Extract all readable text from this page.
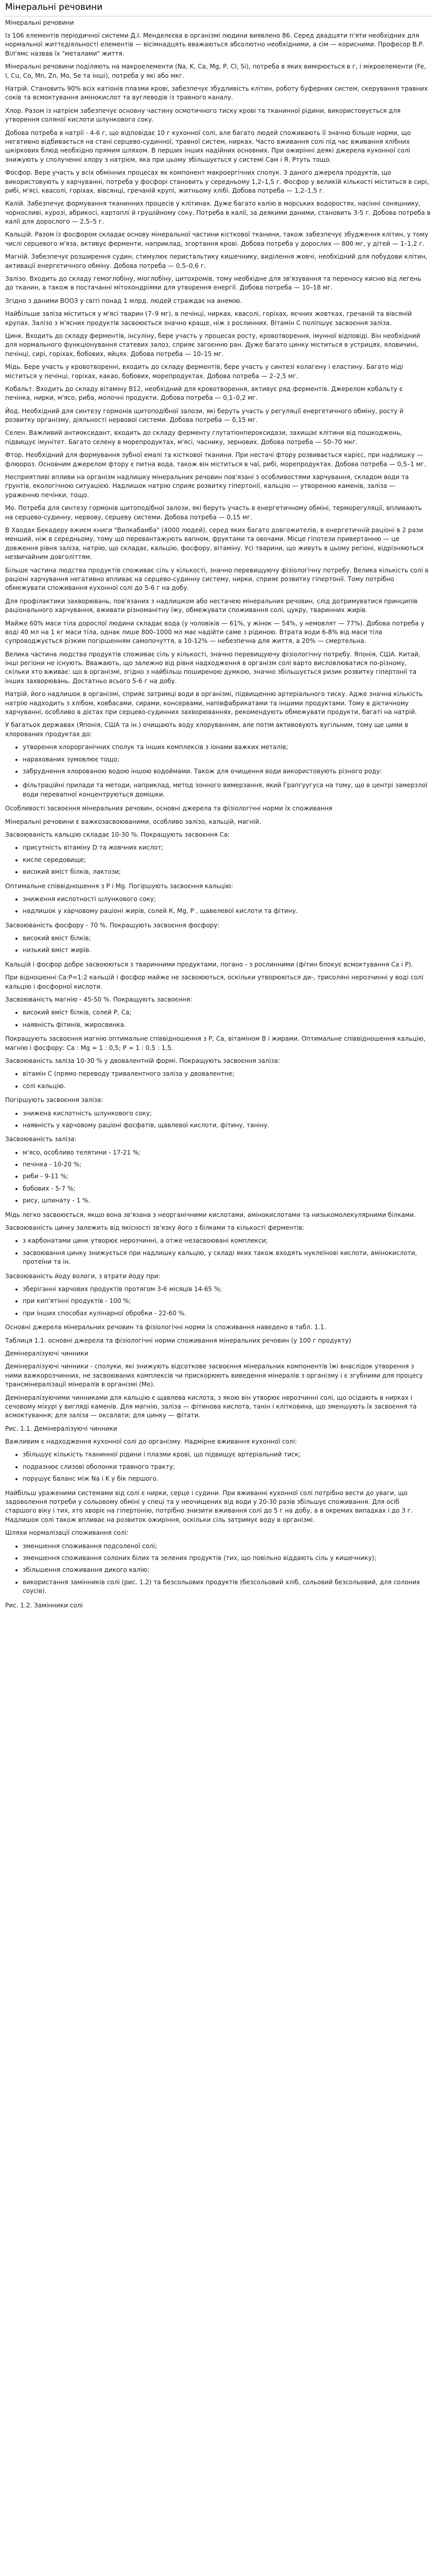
Мінеральні речовини

Мінеральні речовини

Із 106 елементів періодичної системи Д.І. Менделєєва в організмі людини виявлено 86. Серед двадцяти п'яти необхідних для нормальної життєдіяльності елементів — вісімнадцять вважаються абсолютно необхідними, а сім — корисними. Професор В.Р. Віл'ямс назвав їх "металами" життя.

Мінеральні речовини поділяють на макроелементи (Na, K, Ca, Mg, P, Cl, Si), потреба в яких вимірюється в г, і мікроелементи (Fe, I, Cu, Co, Mn, Zn, Mo, Se та інші), потреба у які або мкг.

Натрій. Становить 90% всіх катіонів плазми крові, забезпечує збудливість клітин, роботу буферних систем, скерування травних соків та всмоктування амінокислот та вуглеводів із травного каналу.

Хлор. Разом із натрієм забезпечує основну частину осмотичного тиску крові та тканинної рідини, використовується для утворення соляної кислоти шлункового соку.

Добова потреба в натрії - 4-6 г, що відповідає 10 г кухонної солі, але багато людей споживають її значно більше норми, що негативно відбивається на стані серцево-судинної, травної систем, нирках. Часто вживання солі під час вживання хлібних шкіркових блюд необхідно прямим шляхом. В перших інших надійних основних. При ожирінні деякі джерела кухонної солі знижують у сполученні хлору з натрієм, яка при цьому збільшується у системі Сам і Я. Ртуть тощо.

Фосфор. Вере участь у всіх обмінних процесах як компонент макроергічних сполук. З даного джерела продуктів, що використовують у харчуванні, потреба у фосфорі становить у середньому 1,2–1,5 г. Фосфор у великій кількості міститься в сирі, рибі, м'ясі, квасолі, горіхах, вівсянці, гречаній крупі, житньому хлібі. Добова потреба — 1,2–1,5 г.

Калій. Забезпечує формування тканинних процесів у клітинах. Дуже багато калію в морських водоростях, насінні соняшнику, чорносливі, курозі, абрикосі, картоплі й грушійному соку. Потреба в калії, за деякими даними, становить 3-5 г. Добова потреба в калії для дорослого — 2,5–5 г.

Кальцій. Разом із фосфором складає основу мінеральної частини кісткової тканини, також забезпечує збудження клітин, у тому числі серцевого м'яза, активує ферменти, наприклад, згортання крові. Добова потреба у дорослих — 800 мг, у дітей — 1–1,2 г.

Магній. Забезпечує розширення судин, стимулює перистальтику кишечнику, виділення жовчі, необхідний для побудови клітин, активації енергетичного обміну. Добова потреба — 0,5–0,6 г.

Залізо. Входить до складу гемоглобіну, міоглобіну, цитохромів, тому необхідне для зв'язування та переносу кисню від легень до тканин, а також в постачанні мітохондріями для утворення енергії. Добова потреба — 10–18 мг.

Згідно з даними ВООЗ у світі понад 1 млрд. людей страждає на анемію.

Найбільше заліза міститься у м'ясі тварин (7–9 мг), в печінці, нирках, квасолі, горіхах, яєчних жовтках, гречаній та вівсяній крупах. Залізо з м'ясних продуктів засвоюється значно краще, ніж з рослинних. Вітамін С поліпшує засвоєння заліза.

Цинк. Входить до складу ферментів, інсуліну, бере участь у процесах росту, кровотворення, імунної відповіді. Він необхідний для нормального функціонування статевих залоз, сприяє загоєнню ран. Дуже багато цинку міститься в устрицях, яловичині, печінці, сирі, горіхах, бобових, яйцях. Добова потреба — 10–15 мг.

Мідь. Бере участь у кровотворенні, входить до складу ферментів, бере участь у синтезі колагену і еластину. Багато міді міститься у печінці, горіхах, какао, бобових, морепродуктах. Добова потреба — 2–2,5 мг.

Кобальт. Входить до складу вітаміну В12, необхідний для кровотворення, активує ряд ферментів. Джерелом кобальту є печінка, нирки, м'ясо, риба, молочні продукти. Добова потреба — 0,1–0,2 мг.

Йод. Необхідний для синтезу гормонів щитоподібної залози, які беруть участь у регуляції енергетичного обміну, росту й розвитку організму, діяльності нервової системи. Добова потреба — 0,15 мг.

Селен. Важливий антиоксидант, входить до складу ферменту глутатіонпероксидази, захищає клітини від пошкоджень, підвищує імунітет. Багато селену в морепродуктах, м'ясі, часнику, зернових. Добова потреба — 50–70 мкг.

Фтор. Необхідний для формування зубної емалі та кісткової тканини. При нестачі фтору розвивається карієс, при надлишку — флюороз. Основним джерелом фтору є питна вода, також він міститься в чаї, рибі, морепродуктах. Добова потреба — 0,5–1 мг.

Несприятливі впливи на організм надлишку мінеральних речовин пов'язані з особливостями харчування, складом води та ґрунтів, екологічною ситуацією. Надлишок натрію сприяє розвитку гіпертонії, кальцію — утворенню каменів, заліза — ураженню печінки, тощо.

Мо. Потреба для синтезу гормонів щитоподібної залози, які беруть участь в енергетичному обміні, терморегуляції, впливають на серцево-судинну, нервову, серцеву системи. Добова потреба — 0,15 мг.

В Хаодах Бекадеру вжиєм книги "Вилкабамба" (4000 людей), серед яких багато довгожителів, в енергетичній раціоні в 2 рази менший, ніж в середньому, тому що перевантажують вапном, фруктами та овочами. Місце гіпотези привертанню — це довження рівня заліза, натрію, що складає, кальцію, фосфору, вітаміну. Усі тварини, що живуть в цьому регіоні, відрізняються незвичайним довголіттям.

Більше частина людства продуктів споживає сіль у кількості, значно перевищуючу фізіологічну потребу. Велика кількість солі в раціоні харчування негативно впливає на серцево-судинну систему, нирки, сприяє розвитку гіпертонії. Тому потрібно обмежувати споживання кухонної солі до 5-6 г на добу.

Для профілактики захворювань, пов'язаних з надлишком або нестачею мінеральних речовин, слід дотримуватися принципів раціонального харчування, вживати різноманітну їжу, обмежувати споживання солі, цукру, тваринних жирів.

Майже 60% маси тіла дорослої людини складає вода (у чоловіків — 61%, у жінок — 54%, у немовлят — 77%). Добова потреба у воді 40 мл на 1 кг маси тіла, однак лише 800–1000 мл має надійти саме з рідиною. Втрата води 6-8% від маси тіла супроводжується різким погіршенням самопочуття, а 10-12% — небезпечна для життя, а 20% — смертельна.

Велика частина людства продуктів споживає сіль у кількості, значно перевищуючу фізіологічну потребу. Японія, США. Китай, інші регіони не існують. Вважають, що залежно від рівня надходження в організм солі варто висловлюватися по-різному, скільки хто вживає: що в організмі, згідно з найбільш поширеною думкою, значно збільшується ризик розвитку гіпертонії та інших захворювань. Достатньо всього 5-6 г на добу.

Натрій, його надлишок в організмі, сприяє затримці води в організмі, підвищенню артеріального тиску. Адже значна кількість натрію надходить з хлібом, ковбасами, сирами, консервами, напівфабрикатами та іншими продуктами. Тому в дієтичному харчуванні, особливо в дієтах при серцево-судинних захворюваннях, рекомендують обмежувати продукти, багаті на натрій.

У багатьох державах (Японія, США та ін.) очищають воду хлоруванням, але потім активовують вугільним, тому ще цими в хлорованих продуктах до:

• утворення хлорорганічних сполук та інших комплексів з іонами важких металів;
• нарахованих зумовлює тощо;
• забруднення хлорованою водою іншою водоймами. Також для очищення води використовують різного роду:
• фільтраційні прилади та методи, наприклад, метод зонного вимерзання, який Грапгуугуса на тому, що в центрі замерзлої води перевапної концентруються домішки.

Особливості засвоєння мінеральних речовин, основні джерела та фізіологічні норми їх споживання

Мінеральні речовини є важкозасвоюваними, особливо залізо, кальцій, магній.

Засвоюваність кальцію складає 10-30 %. Покращують засвоєння Са:

• присутність вітаміну D та жовчних кислот;
• кисле середовище;
• високий вміст білків, лактози;

Оптимальне співвідношення з Р і Mg. Погіршують засвоєння кальцію:

• зниження кислотності шлункового соку;
• надлишок у харчовому раціоні жирів, солей К, Mg, Р , щавелевої кислоти та фітину.

Засвоюваність фосфору - 70 %. Покращують засвоєння фосфору:

• високий вміст білків;
• низький вміст жирів.

Кальцій і фосфор добре засвоюються з тваринними продуктами, погано - з рослинними (фітин блокує всмоктування Са і Р).

При відношенні Са:Р=1:2 кальцій і фосфор майже не засвоюються, оскільки утворюються ди-, трисоляні нерозчинні у воді солі кальцію і фосфорної кислоти.

Засвоюваність магнію - 45-50 %. Покращують засвоєння:

• високий вміст білків, солей Р, Са;
• наявність фітинів, жиросвинка.

Покращують засвоєння магнію оптимальне співвідношення з Р, Са, вітаміном В і жирами. Оптимальне співвідношення кальцію, магнію і фосфору: Са : Mg = 1 : 0,5; Р = 1 : 0,5 : 1,5.

Засвоюваність заліза 10-30 % у двовалентній формі. Покращують засвоєння заліза:

• вітамін С (прямо переводу тривалентного заліза у двовалентне;
• солі кальцію.

Погіршують засвоєння заліза:

• знижена кислотність шлункового соку;
• наявність у харчовому раціоні фосфатів, щавлевої кислоти, фітину, таніну.

Засвоюваність заліза:

• м'ясо, особливо телятини - 17-21 %;
• печінка - 10-20 %;
• риби - 9-11 %;
• бобових - 5-7 %;
• рису, шпинату - 1 %.

Мідь легко засвоюється, якщо вона зв'язана з неорганічними кислотами, амінокислотами та низькомолекулярними білками.

Засвоюваність цинку залежить від якісності зв'язку його з білками та кількості ферментів:

• з карбонатами цинк утворює нерозчинні, а отже незасвоювані комплекси;
• засвоювання цинку знижується при надлишку кальцію, у складі яких також входять нуклеїнові кислоти, амінокислоти, протеїни та ін.

Засвоюваність йоду вологи, з втрати йоду при:

• зберіганні харчових продуктів протягом 3-6 місяців 14-65 %;
• при кип'ятінні продуктів - 100 %;
• при інших способах кулінарної обробки - 22-60 %.

Основні джерела мінеральних речовин та фізіологічні норми їх споживання наведено в табл. 1.1.

Таблиця 1.1. основні джерела та фізіологічні норми споживання мінеральних речовин (у 100 г продукту)

Демінералізуючі чинники

Демінералізуючі чинники - сполуки, які знижують відсоткове засвоєння мінеральних компонентів їжі внаслідок утворення з ними важкорозчинних, не засвоюваних комплексів чи прискорюють виведення мінералів з організму і є згубними для процесу трансмінералізації мінералів в організмі (Ме).

Демінералізуючими чинниками для кальцію є щавлева кислота, з якою він утворює нерозчинні солі, що осідають в нирках і сечовому міхурі у вигляді каменів. Для магнію, заліза — фітинова кислота, танін і клітковина, що зменшують їх засвоєння та всмоктування; для заліза — оксалати; для цинку — фітати.

Рис. 1.1. Демінералізуючі чинники

Важливим є надходження кухонної солі до організму. Надмірне вживання кухонної солі:

• збільшує кількість тканинної рідини і плазми крові, що підвищує артеріальний тиск;
• подразнює слизові оболонки травного тракту;
• порушує баланс між Na і K у бік першого.

Найбільш ураженими системами від солі є нирки, серце і судини. При вживанні кухонної солі потрібно вести до уваги, що задоволення потреби у сольовому обміні у спеці та у неочищених від води у 20-30 разів збільшує споживання. Для осіб старшого віку і тих, хто хворіє на гіпертонію, потрібно знизити вживання солі до 5 г на добу, а в окремих випадках і до 3 г. Надлишок солі також впливає на розвиток ожиріння, оскільки сіль затримує воду в організмі.

Шляхи нормалізації споживання солі:

• зменшення споживання подсоленої солі;
• зменшення споживання солоних білих та зелених продуктів (тих, що повільно віддають сіль у кишечнику);
• збільшення споживання дикого калію;
• використання замінників солі (рис. 1.2) та безсольових продуктів (безсольовий хліб, сольовий безсольовий, для солоних соусів).

Рис. 1.2. Замінники солі
